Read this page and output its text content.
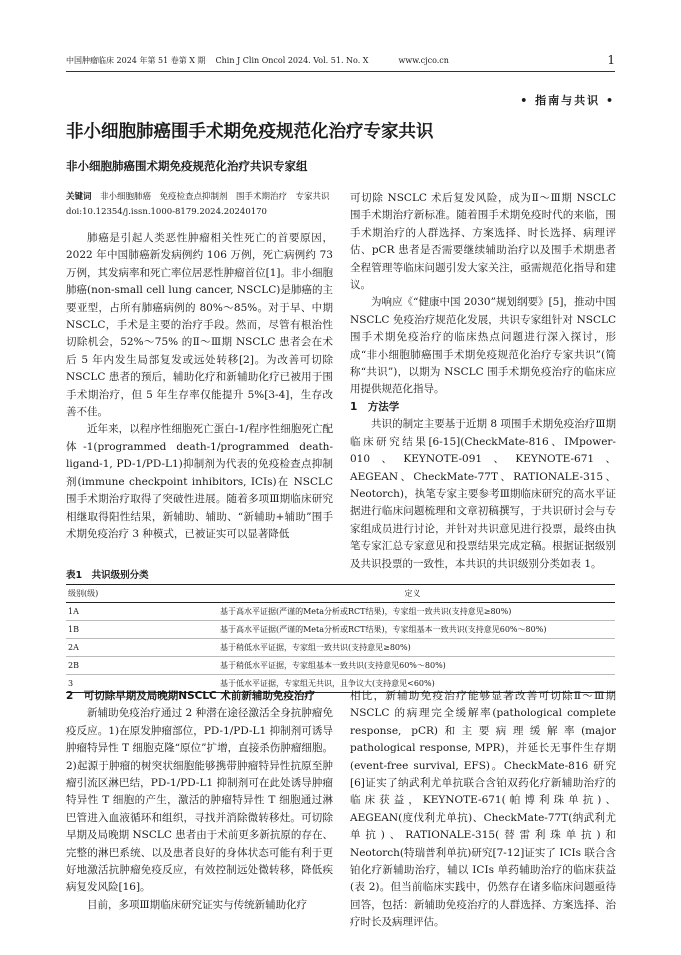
中国肿瘤临床 2024 年第 51 卷第 X 期 Chin J Clin Oncol 2024. Vol. 51. No. X	www.cjco.cn	1
• 指南与共识 •
非小细胞肺癌围手术期免疫规范化治疗专家共识
非小细胞肺癌围术期免疫规范化治疗共识专家组
关键词　 非小细胞肺癌　免疫检查点抑制剂　围手术期治疗　专家共识
doi:10.12354/j.issn.1000-8179.2024.20240170

肺癌是引起人类恶性肿瘤相关性死亡的首要原因，2022 年中国肺癌新发病例约 106 万例，死亡病例约 73 万例，其发病率和死亡率位居恶性肿瘤首位[1]。非小细胞肺癌(non-small cell lung cancer, NSCLC)是肺癌的主要亚型，占所有肺癌病例的 80%～85%。对于早、中期 NSCLC，手术是主要的治疗手段。然而，尽管有根治性切除机会，52%～75% 的Ⅱ～Ⅲ期 NSCLC 患者会在术后 5 年内发生局部复发或远处转移[2]。为改善可切除 NSCLC 患者的预后，辅助化疗和新辅助化疗已被用于围手术期治疗，但 5 年生存率仅能提升 5%[3-4]，生存改善不佳。

近年来，以程序性细胞死亡蛋白-1/程序性细胞死亡配体-1(programmed death-1/programmed death-ligand-1, PD-1/PD-L1)抑制剂为代表的免疫检查点抑制剂(immune checkpoint inhibitors, ICIs)在 NSCLC 围手术期治疗取得了突破性进展。随着多项Ⅲ期临床研究相继取得阳性结果，新辅助、辅助、“新辅助+辅助”围手术期免疫治疗 3 种模式，已被证实可以显著降低

可切除 NSCLC 术后复发风险，成为Ⅱ～Ⅲ期 NSCLC 围手术期治疗新标准。随着围手术期免疫时代的来临，围手术期治疗的人群选择、方案选择、时长选择、病理评估、pCR 患者是否需要继续辅助治疗以及围手术期患者全程管理等临床问题引发大家关注，亟需规范化指导和建议。

为响应《“健康中国 2030”规划纲要》[5]，推动中国 NSCLC 免疫治疗规范化发展，共识专家组针对 NSCLC 围手术期免疫治疗的临床热点问题进行深入探讨，形成“非小细胞肺癌围手术期免疫规范化治疗专家共识”(简称“共识”)，以期为 NSCLC 围手术期免疫治疗的临床应用提供规范化指导。

1　方法学

共识的制定主要基于近期 8 项围手术期免疫治疗Ⅲ期临床研究结果[6-15](CheckMate-816、IMpower-010、KEYNOTE-091、KEYNOTE-671、AEGEAN、CheckMate-77T、RATIONALE-315、Neotorch)，执笔专家主要参考Ⅲ期临床研究的高水平证据进行临床问题梳理和文章初稿撰写，于共识研讨会与专家组成员进行讨论，并针对共识意见进行投票，最终由执笔专家汇总专家意见和投票结果完成定稿。根据证据级别及共识投票的一致性，本共识的共识级别分类如表 1。

表1　共识级别分类
级别(级)	定义
1A	基于高水平证据(严谨的Meta分析或RCT结果)，专家组一致共识(支持意见≥80%)
1B	基于高水平证据(严谨的Meta分析或RCT结果)，专家组基本一致共识(支持意见60%～80%)
2A	基于稍低水平证据，专家组一致共识(支持意见≥80%)
2B	基于稍低水平证据，专家组基本一致共识(支持意见60%～80%)
3	基于低水平证据，专家组无共识，且争议大(支持意见<60%)
2　可切除早期及局晚期NSCLC 术前新辅助免疫治疗

新辅助免疫治疗通过 2 种潜在途径激活全身抗肿瘤免疫反应。1)在原发肿瘤部位，PD-1/PD-L1 抑制剂可诱导肿瘤特异性 T 细胞克隆“原位”扩增，直接杀伤肿瘤细胞。2)起源于肿瘤的树突状细胞能够携带肿瘤特异性抗原至肿瘤引流区淋巴结，PD-1/PD-L1 抑制剂可在此处诱导肿瘤特异性 T 细胞的产生，激活的肿瘤特异性 T 细胞通过淋巴管进入血液循环和组织，寻找并消除微转移灶。可切除早期及局晚期 NSCLC 患者由于术前更多新抗原的存在、完整的淋巴系统、以及患者良好的身体状态可能有利于更好地激活抗肿瘤免疫反应，有效控制远处微转移，降低疾病复发风险[16]。

目前，多项Ⅲ期临床研究证实与传统新辅助化疗

相比，新辅助免疫治疗能够显著改善可切除Ⅱ～Ⅲ期 NSCLC 的病理完全缓解率(pathological complete response, pCR)和主要病理缓解率(major pathological response, MPR)，并延长无事件生存期(event-free survival, EFS)。CheckMate-816 研究[6]证实了纳武利尤单抗联合含铂双药化疗新辅助治疗的临床获益，KEYNOTE-671(帕博利珠单抗)、AEGEAN(度伐利尤单抗)、CheckMate-77T(纳武利尤单抗)、RATIONALE-315(替雷利珠单抗)和 Neotorch(特瑞普利单抗)研究[7-12]证实了 ICIs 联合含铂化疗新辅助治疗，辅以 ICIs 单药辅助治疗的临床获益(表 2)。但当前临床实践中，仍然存在诸多临床问题亟待回答，包括：新辅助免疫治疗的人群选择、方案选择、治疗时长及病理评估。
